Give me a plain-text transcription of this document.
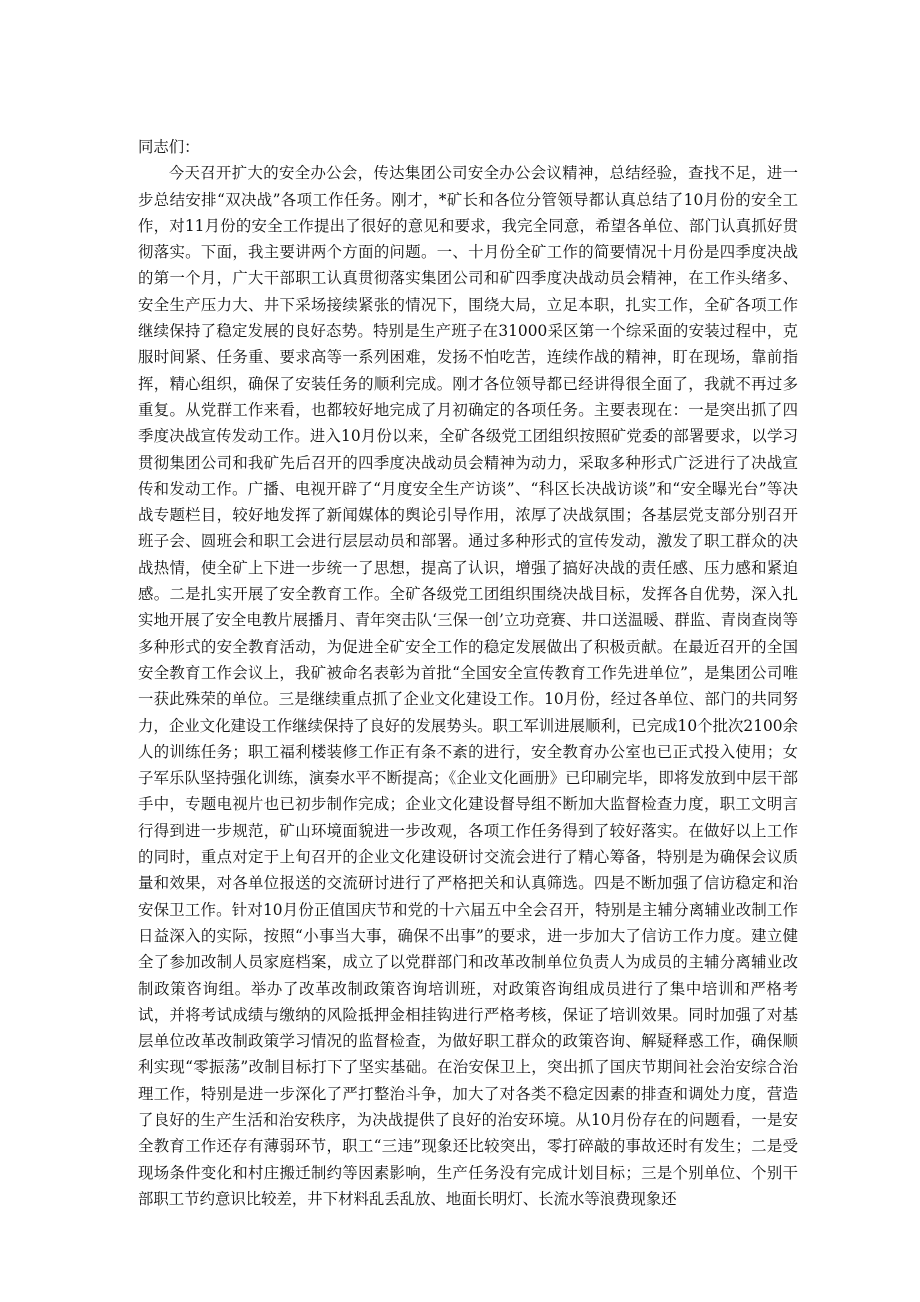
同志们：

今天召开扩大的安全办公会，传达集团公司安全办公会议精神，总结经验，查找不足，进一步总结安排“双决战”各项工作任务。刚才，*矿长和各位分管领导都认真总结了10月份的安全工作，对11月份的安全工作提出了很好的意见和要求，我完全同意，希望各单位、部门认真抓好贯彻落实。下面，我主要讲两个方面的问题。一、十月份全矿工作的简要情况十月份是四季度决战的第一个月，广大干部职工认真贯彻落实集团公司和矿四季度决战动员会精神，在工作头绪多、安全生产压力大、井下采场接续紧张的情况下，围绕大局，立足本职，扎实工作，全矿各项工作继续保持了稳定发展的良好态势。特别是生产班子在31000采区第一个综采面的安装过程中，克服时间紧、任务重、要求高等一系列困难，发扬不怕吃苦，连续作战的精神，盯在现场，靠前指挥，精心组织，确保了安装任务的顺利完成。刚才各位领导都已经讲得很全面了，我就不再过多重复。从党群工作来看，也都较好地完成了月初确定的各项任务。主要表现在：一是突出抓了四季度决战宣传发动工作。进入10月份以来，全矿各级党工团组织按照矿党委的部署要求，以学习贯彻集团公司和我矿先后召开的四季度决战动员会精神为动力，采取多种形式广泛进行了决战宣传和发动工作。广播、电视开辟了“月度安全生产访谈”、“科区长决战访谈”和“安全曝光台”等决战专题栏目，较好地发挥了新闻媒体的舆论引导作用，浓厚了决战氛围；各基层党支部分别召开班子会、圆班会和职工会进行层层动员和部署。通过多种形式的宣传发动，激发了职工群众的决战热情，使全矿上下进一步统一了思想，提高了认识，增强了搞好决战的责任感、压力感和紧迫感。二是扎实开展了安全教育工作。全矿各级党工团组织围绕决战目标，发挥各自优势，深入扎实地开展了安全电教片展播月、青年突击队‘三保一创’立功竞赛、井口送温暖、群监、青岗查岗等多种形式的安全教育活动，为促进全矿安全工作的稳定发展做出了积极贡献。在最近召开的全国安全教育工作会议上，我矿被命名表彰为首批“全国安全宣传教育工作先进单位”，是集团公司唯一获此殊荣的单位。三是继续重点抓了企业文化建设工作。10月份，经过各单位、部门的共同努力，企业文化建设工作继续保持了良好的发展势头。职工军训进展顺利，已完成10个批次2100余人的训练任务；职工福利楼装修工作正有条不紊的进行，安全教育办公室也已正式投入使用；女子军乐队坚持强化训练，演奏水平不断提高；《企业文化画册》已印刷完毕，即将发放到中层干部手中，专题电视片也已初步制作完成；企业文化建设督导组不断加大监督检查力度，职工文明言行得到进一步规范，矿山环境面貌进一步改观，各项工作任务得到了较好落实。在做好以上工作的同时，重点对定于上旬召开的企业文化建设研讨交流会进行了精心筹备，特别是为确保会议质量和效果，对各单位报送的交流研讨进行了严格把关和认真筛选。四是不断加强了信访稳定和治安保卫工作。针对10月份正值国庆节和党的十六届五中全会召开，特别是主辅分离辅业改制工作日益深入的实际，按照“小事当大事，确保不出事”的要求，进一步加大了信访工作力度。建立健全了参加改制人员家庭档案，成立了以党群部门和改革改制单位负责人为成员的主辅分离辅业改制政策咨询组。举办了改革改制政策咨询培训班，对政策咨询组成员进行了集中培训和严格考试，并将考试成绩与缴纳的风险抵押金相挂钩进行严格考核，保证了培训效果。同时加强了对基层单位改革改制政策学习情况的监督检查，为做好职工群众的政策咨询、解疑释惑工作，确保顺利实现“零振荡”改制目标打下了坚实基础。在治安保卫上，突出抓了国庆节期间社会治安综合治理工作，特别是进一步深化了严打整治斗争，加大了对各类不稳定因素的排查和调处力度，营造了良好的生产生活和治安秩序，为决战提供了良好的治安环境。从10月份存在的问题看，一是安全教育工作还存有薄弱环节，职工“三违”现象还比较突出，零打碎敲的事故还时有发生；二是受现场条件变化和村庄搬迁制约等因素影响，生产任务没有完成计划目标；三是个别单位、个别干部职工节约意识比较差，井下材料乱丢乱放、地面长明灯、长流水等浪费现象还
